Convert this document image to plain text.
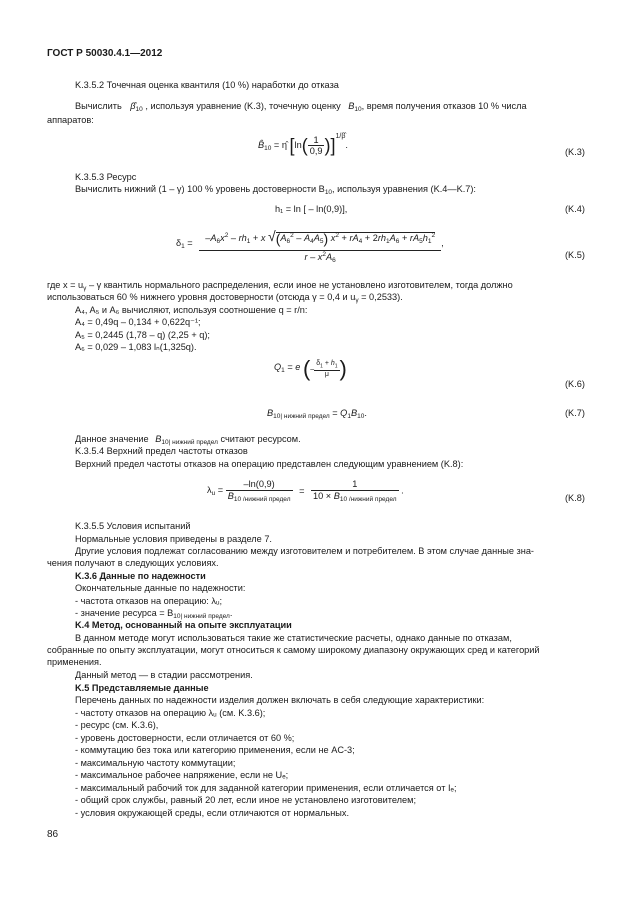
ГОСТ Р 50030.4.1—2012
K.3.5.2 Точечная оценка квантиля (10 %) наработки до отказа
Вычислить $\betâ_{10}$ , используя уравнение (K.3), точечную оценку $B_{10}$, время получения отказов 10 % числа
аппаратов:
$B̂_{10}$ = η̂ $[\ln( \frac{1}{0,9} )]^{1/\betâ}$.
(K.3)
K.3.5.3 Ресурс
Вычислить нижний (1 – γ) 100 % уровень достоверности $B_{10}$, используя уравнения (K.4—K.7):
h₁ = ln [ – ln(0,9)],	(K.4)
$\delta_1 = \frac{-A_6x^2 - rh_1 + x √(A_6^2 - A_4A_5) x^2 + rA_4 + 2rh_1A_6 + rA_5h_1^2}{r - x^2A_6}$ ,
(K.5)
где $x = u_\gamma - \gamma$ квантиль нормального распределения, если иное не установлено изготовителем, тогда должно
использоваться 60 % нижнего уровня достоверности (отсюда γ = 0,4 и $u_\gamma = 0,2533$).
A₄, A₅ и A₆ вычисляют, используя соотношение q = r/n:
A₄ = 0,49q – 0,134 + 0,622q⁻¹;
A₅ = 0,2445 (1,78 – q) (2,25 + q);
A₆ = 0,029 – 1,083 lₙ(1,325q).
$Q_1 = e$ (– $\frac{\delta_1 + h_1}{\mu}$ )
(K.6)
$B_{10| нижний предел} = Q_1B_{10}$.	(K.7)
Данное значение $B_{10| нижний предел}$ считают ресурсом.
K.3.5.4 Верхний предел частоты отказов
Верхний предел частоты отказов на операцию представлен следующим уравнением (K.8):
$\lambda_u = \frac{-\ln(0,9)}{B_{10 /нижний предел}} = \frac{1}{10 \times B_{10 /нижний предел}}$ .
(K.8)
K.3.5.5 Условия испытаний
Нормальные условия приведены в разделе 7.
Другие условия подлежат согласованию между изготовителем и потребителем. В этом случае данные зна-
чения получают в следующих условиях.
K.3.6 Данные по надежности
Окончательные данные по надежности:
- частота отказов на операцию: λᵤ;
- значение ресурса = $B_{10| нижний предел}$.
K.4 Метод, основанный на опыте эксплуатации
В данном методе могут использоваться такие же статистические расчеты, однако данные по отказам,
собранные по опыту эксплуатации, могут относиться к самому широкому диапазону окружающих сред и категорий
применения.
Данный метод — в стадии рассмотрения.
K.5 Представляемые данные
Перечень данных по надежности изделия должен включать в себя следующие характеристики:
- частоту отказов на операцию λᵤ (см. K.3.6);
- ресурс (см. K.3.6),
- уровень достоверности, если отличается от 60 %;
- коммутацию без тока или категорию применения, если не AC-3;
- максимальную частоту коммутации;
- максимальное рабочее напряжение, если не Uₑ;
- максимальный рабочий ток для заданной категории применения, если отличается от Iₑ;
- общий срок службы, равный 20 лет, если иное не установлено изготовителем;
- условия окружающей среды, если отличаются от нормальных.
86
